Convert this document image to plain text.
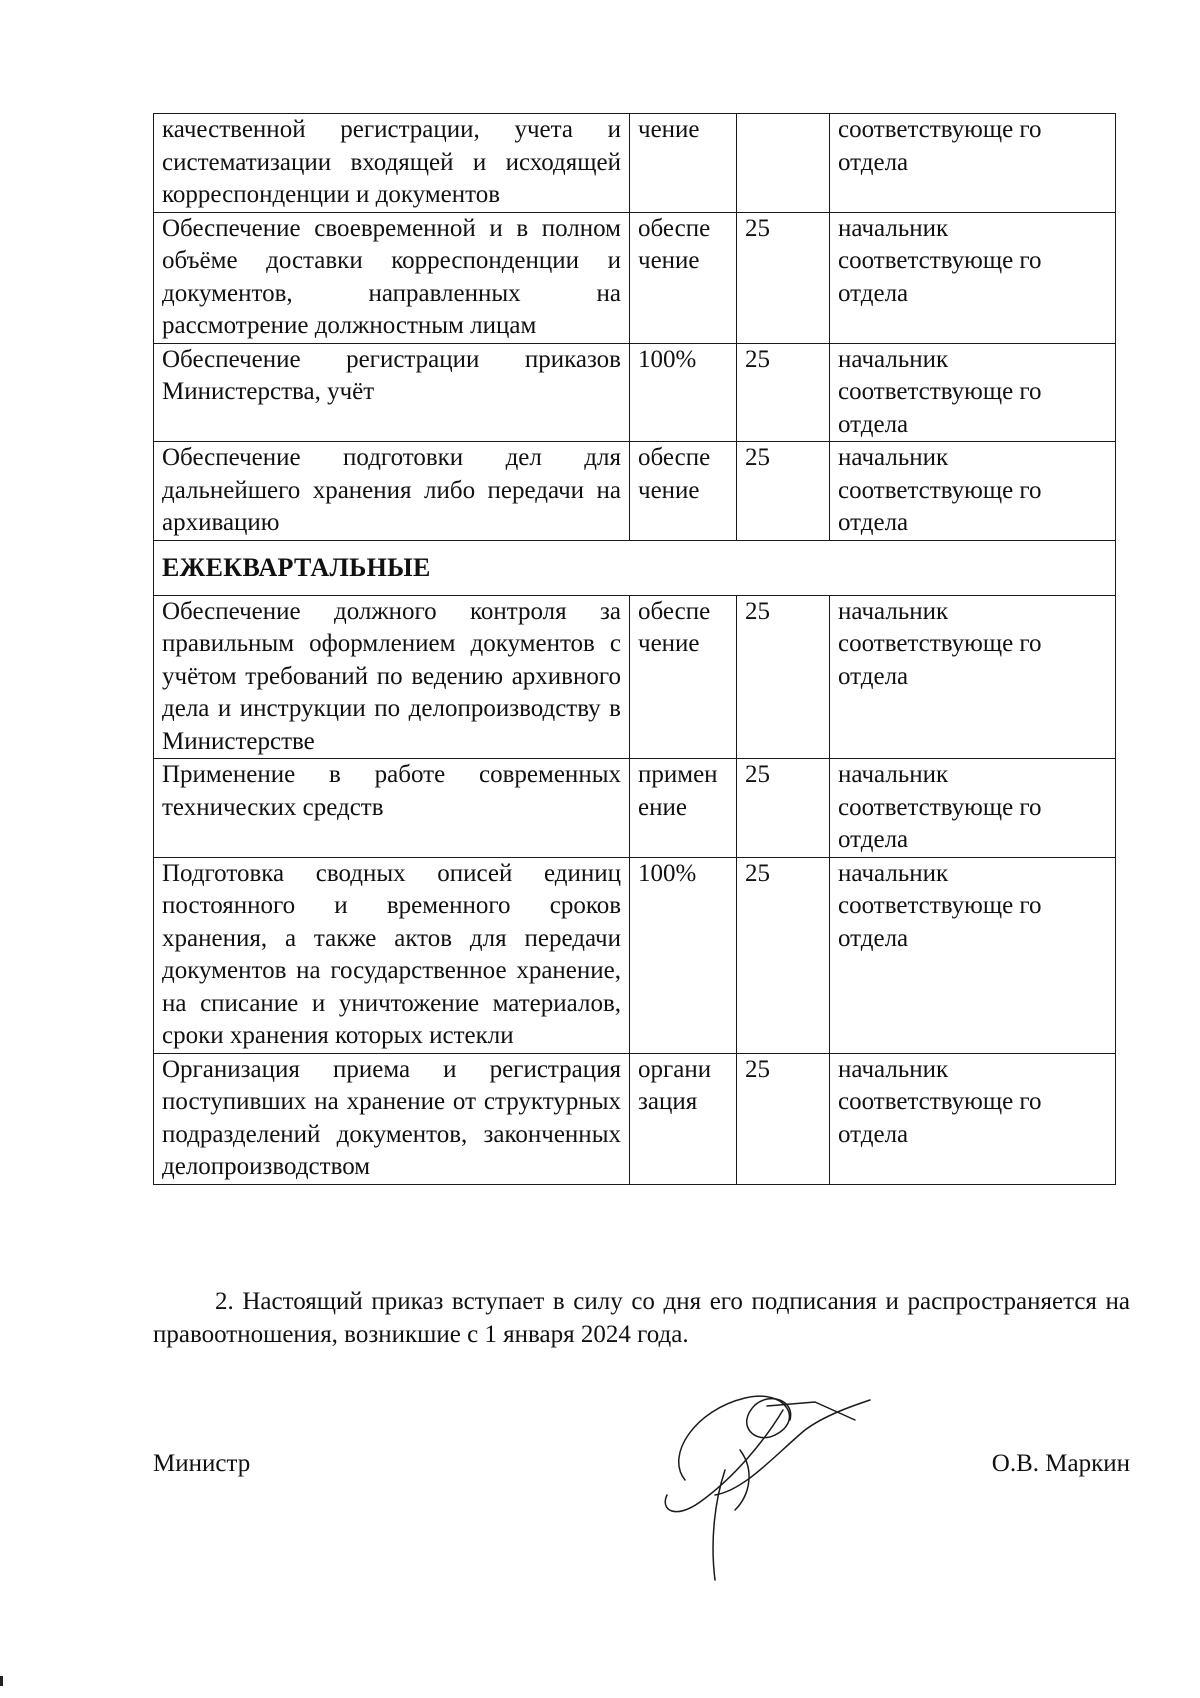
качественной регистрации, учета и систематизации входящей и исходящей корреспонденции и документов	чение		соответствующе го отдела
Обеспечение своевременной и в полном объёме доставки корреспонденции и документов, направленных на рассмотрение должностным лицам	обеспе чение	25	начальник соответствующе го отдела
Обеспечение регистрации приказов Министерства, учёт	100%	25	начальник соответствующе го отдела
Обеспечение подготовки дел для дальнейшего хранения либо передачи на архивацию	обеспе чение	25	начальник соответствующе го отдела
ЕЖЕКВАРТАЛЬНЫЕ			
Обеспечение должного контроля за правильным оформлением документов с учётом требований по ведению архивного дела и инструкции по делопроизводству в Министерстве	обеспе чение	25	начальник соответствующе го отдела
Применение в работе современных технических средств	примен ение	25	начальник соответствующе го отдела
Подготовка сводных описей единиц постоянного и временного сроков хранения, а также актов для передачи документов на государственное хранение, на списание и уничтожение материалов, сроки хранения которых истекли	100%	25	начальник соответствующе го отдела
Организация приема и регистрация поступивших на хранение от структурных подразделений документов, законченных делопроизводством	органи зация	25	начальник соответствующе го отдела
2. Настоящий приказ вступает в силу со дня его подписания и распространяется на правоотношения, возникшие с 1 января 2024 года.
Министр	О.В. Маркин
